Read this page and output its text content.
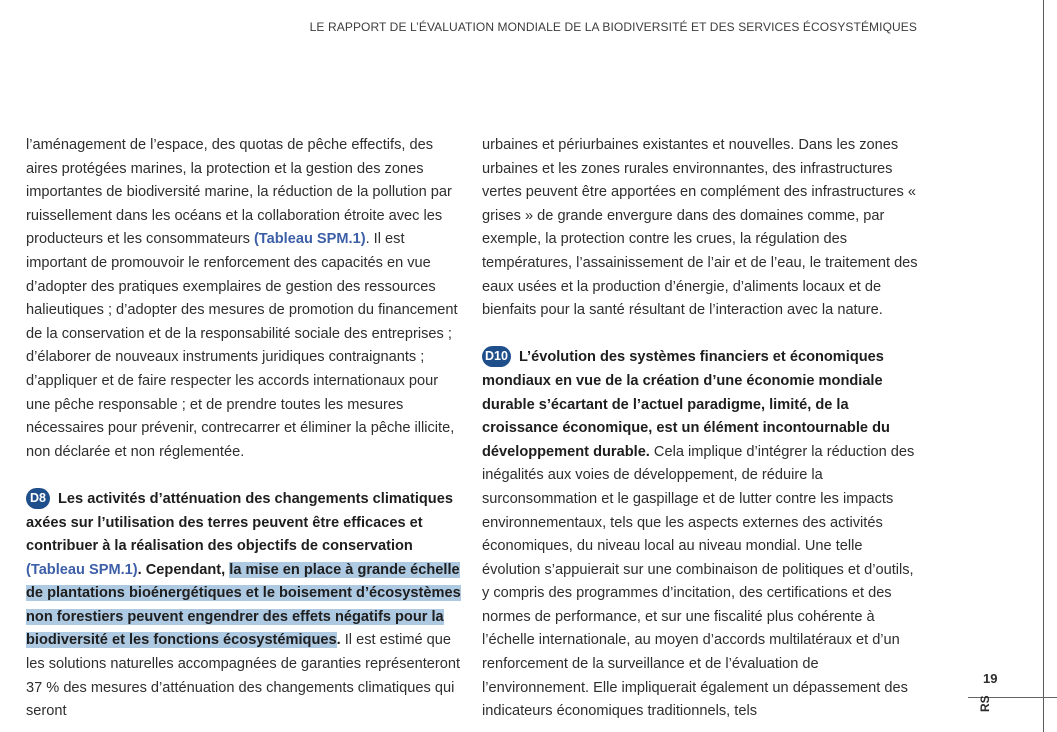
LE RAPPORT DE L’ÉVALUATION MONDIALE DE LA BIODIVERSITÉ ET DES SERVICES ÉCOSYSTÉMIQUES

l’aménagement de l’espace, des quotas de pêche effectifs, des aires protégées marines, la protection et la gestion des zones importantes de biodiversité marine, la réduction de la pollution par ruissellement dans les océans et la collaboration étroite avec les producteurs et les consommateurs (Tableau SPM.1). Il est important de promouvoir le renforcement des capacités en vue d’adopter des pratiques exemplaires de gestion des ressources halieutiques ; d’adopter des mesures de promotion du financement de la conservation et de la responsabilité sociale des entreprises ; d’élaborer de nouveaux instruments juridiques contraignants ; d’appliquer et de faire respecter les accords internationaux pour une pêche responsable ; et de prendre toutes les mesures nécessaires pour prévenir, contrecarrer et éliminer la pêche illicite, non déclarée et non réglementée.

D8 Les activités d’atténuation des changements climatiques axées sur l’utilisation des terres peuvent être efficaces et contribuer à la réalisation des objectifs de conservation (Tableau SPM.1). Cependant, la mise en place à grande échelle de plantations bioénergétiques et le boisement d’écosystèmes non forestiers peuvent engendrer des effets négatifs pour la biodiversité et les fonctions écosystémiques. Il est estimé que les solutions naturelles accompagnées de garanties représenteront 37 % des mesures d’atténuation des changements climatiques qui seront

urbaines et périurbaines existantes et nouvelles. Dans les zones urbaines et les zones rurales environnantes, des infrastructures vertes peuvent être apportées en complément des infrastructures « grises » de grande envergure dans des domaines comme, par exemple, la protection contre les crues, la régulation des températures, l’assainissement de l’air et de l’eau, le traitement des eaux usées et la production d’énergie, d’aliments locaux et de bienfaits pour la santé résultant de l’interaction avec la nature.

D10 L’évolution des systèmes financiers et économiques mondiaux en vue de la création d’une économie mondiale durable s’écartant de l’actuel paradigme, limité, de la croissance économique, est un élément incontournable du développement durable. Cela implique d’intégrer la réduction des inégalités aux voies de développement, de réduire la surconsommation et le gaspillage et de lutter contre les impacts environnementaux, tels que les aspects externes des activités économiques, du niveau local au niveau mondial. Une telle évolution s’appuierait sur une combinaison de politiques et d’outils, y compris des programmes d’incitation, des certifications et des normes de performance, et sur une fiscalité plus cohérente à l’échelle internationale, au moyen d’accords multilatéraux et d’un renforcement de la surveillance et de l’évaluation de l’environnement. Elle impliquerait également un dépassement des indicateurs économiques traditionnels, tels

19
RS
